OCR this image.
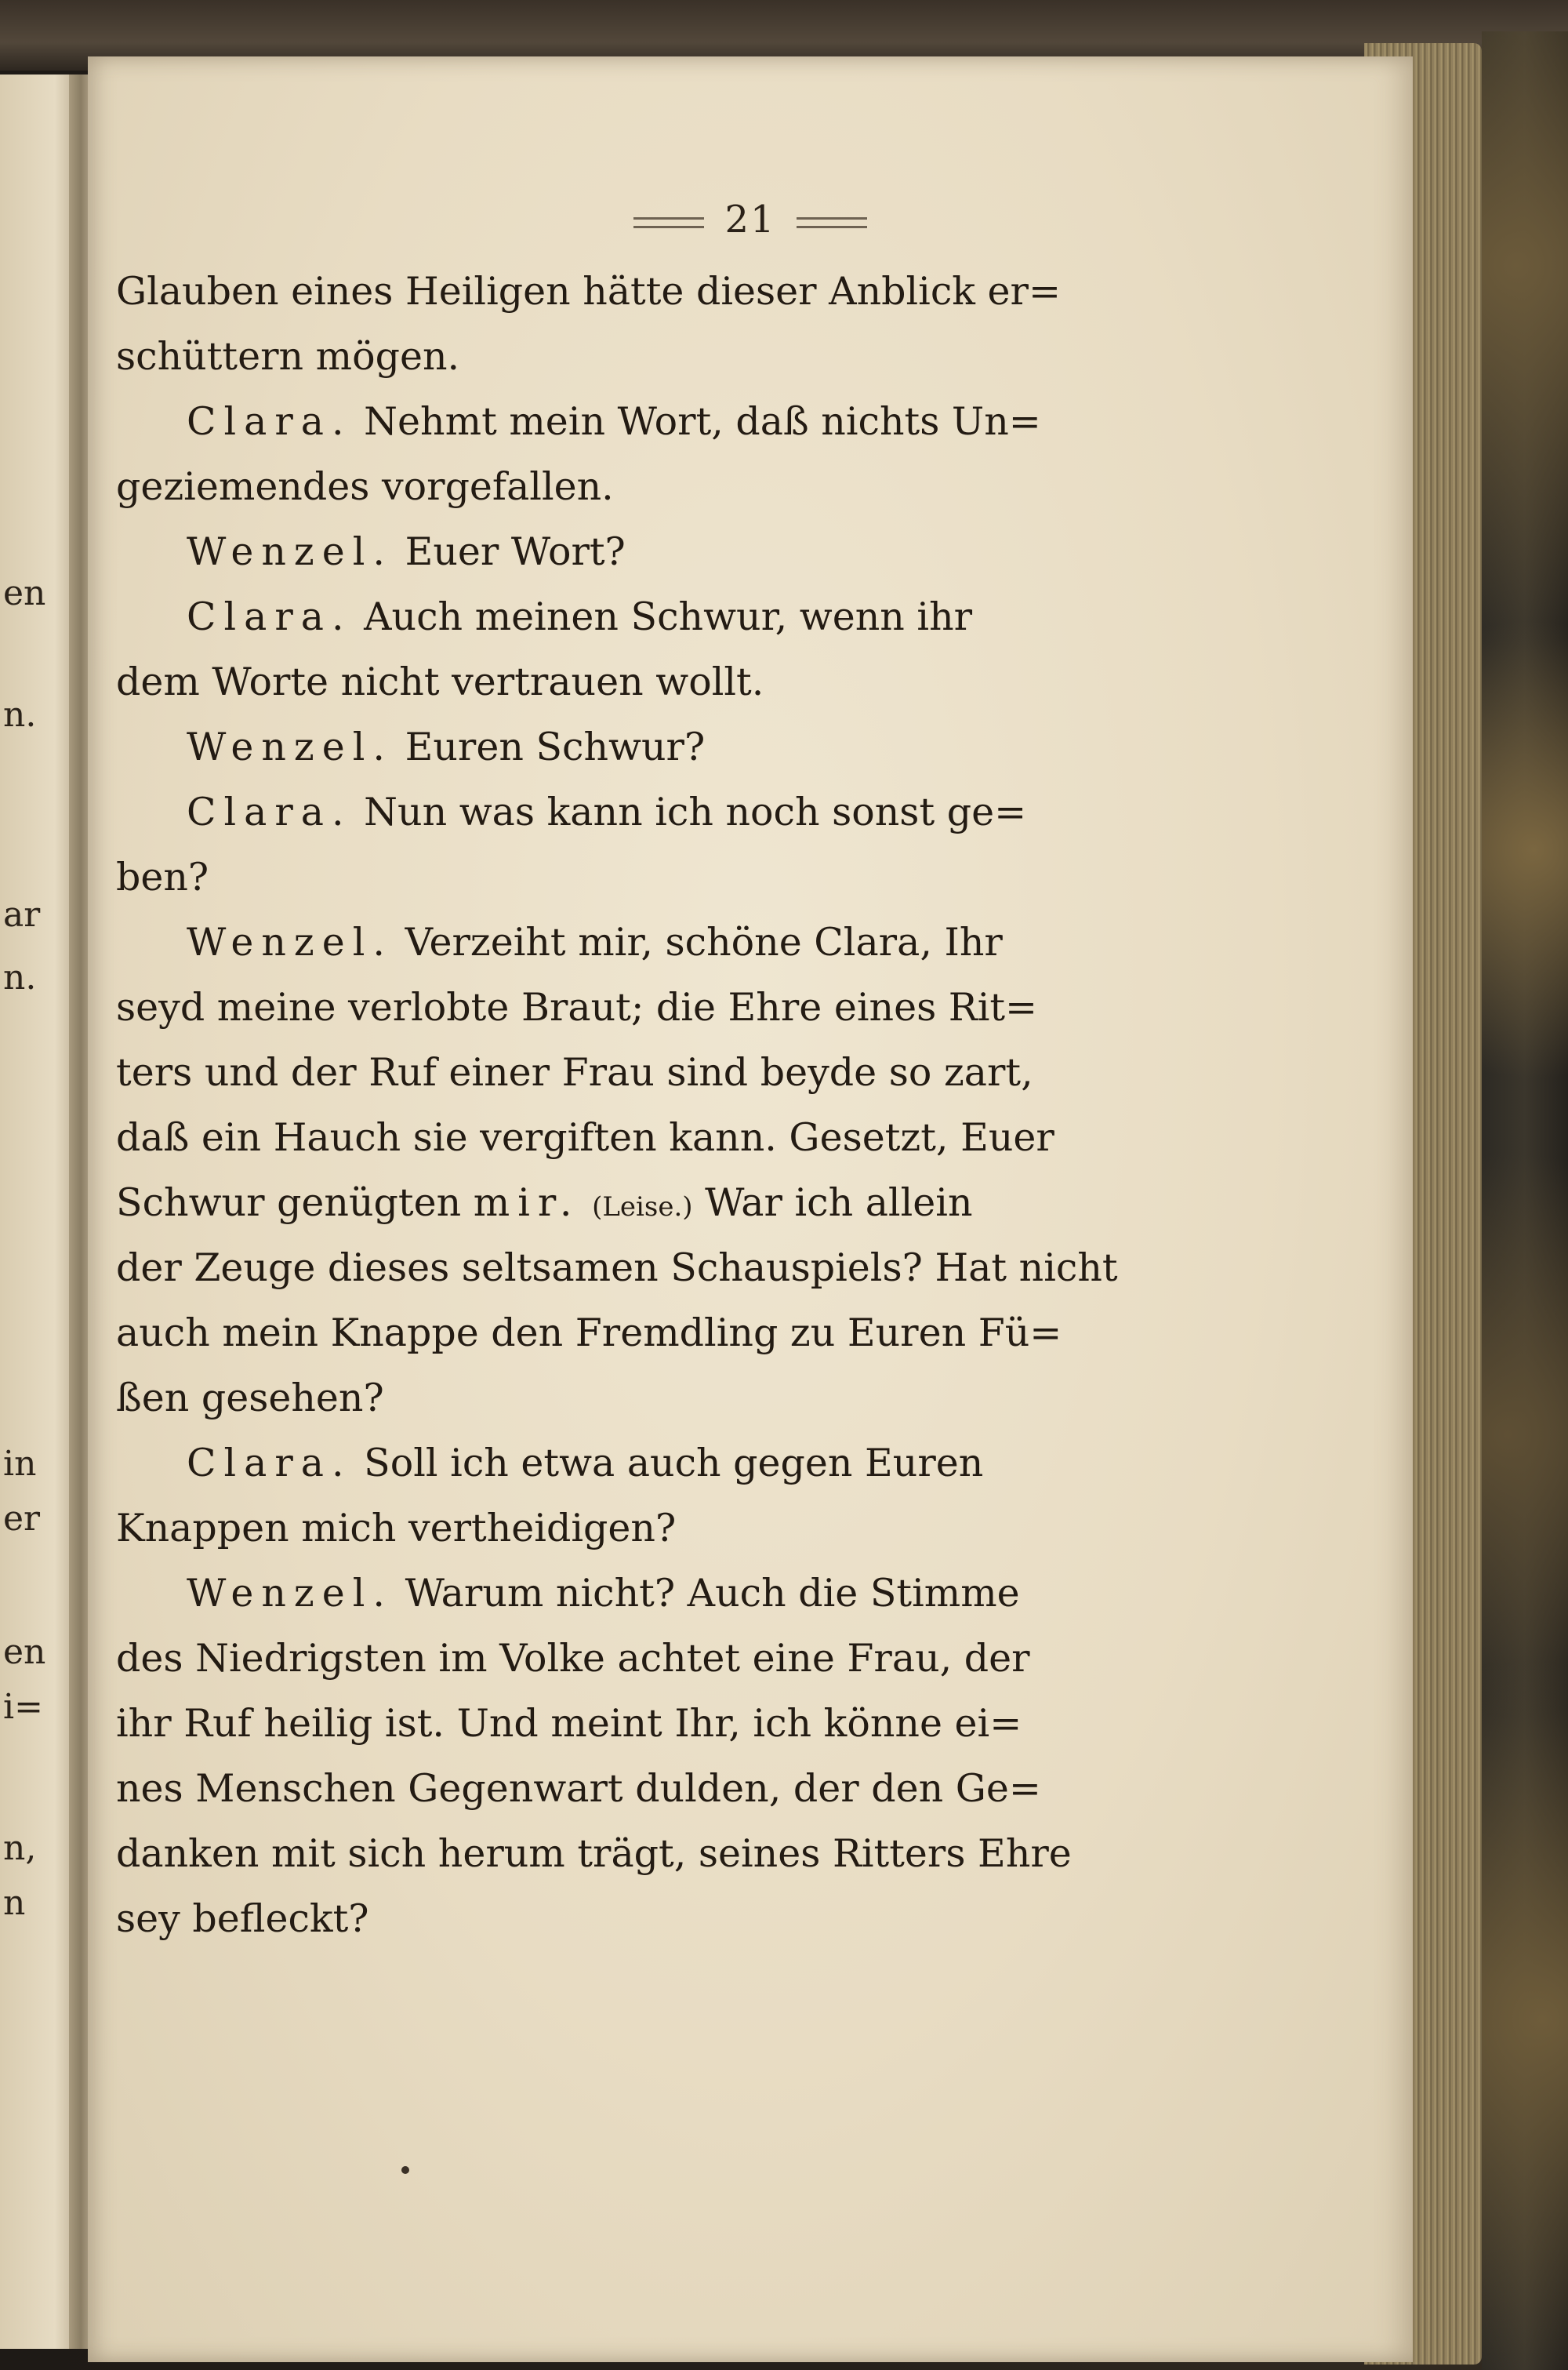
en
n.
ar
n.
in
er
en
i=
n,
n
21
Glauben eines Heiligen hätte dieser Anblick er=
schüttern mögen.
Clara. Nehmt mein Wort, daß nichts Un=
geziemendes vorgefallen.
Wenzel. Euer Wort?
Clara. Auch meinen Schwur, wenn ihr
dem Worte nicht vertrauen wollt.
Wenzel. Euren Schwur?
Clara. Nun was kann ich noch sonst ge=
ben?
Wenzel. Verzeiht mir, schöne Clara, Ihr
seyd meine verlobte Braut; die Ehre eines Rit=
ters und der Ruf einer Frau sind beyde so zart,
daß ein Hauch sie vergiften kann. Gesetzt, Euer
Schwur genügten mir. (Leise.) War ich allein
der Zeuge dieses seltsamen Schauspiels? Hat nicht
auch mein Knappe den Fremdling zu Euren Fü=
ßen gesehen?
Clara. Soll ich etwa auch gegen Euren
Knappen mich vertheidigen?
Wenzel. Warum nicht? Auch die Stimme
des Niedrigsten im Volke achtet eine Frau, der
ihr Ruf heilig ist. Und meint Ihr, ich könne ei=
nes Menschen Gegenwart dulden, der den Ge=
danken mit sich herum trägt, seines Ritters Ehre
sey befleckt?
